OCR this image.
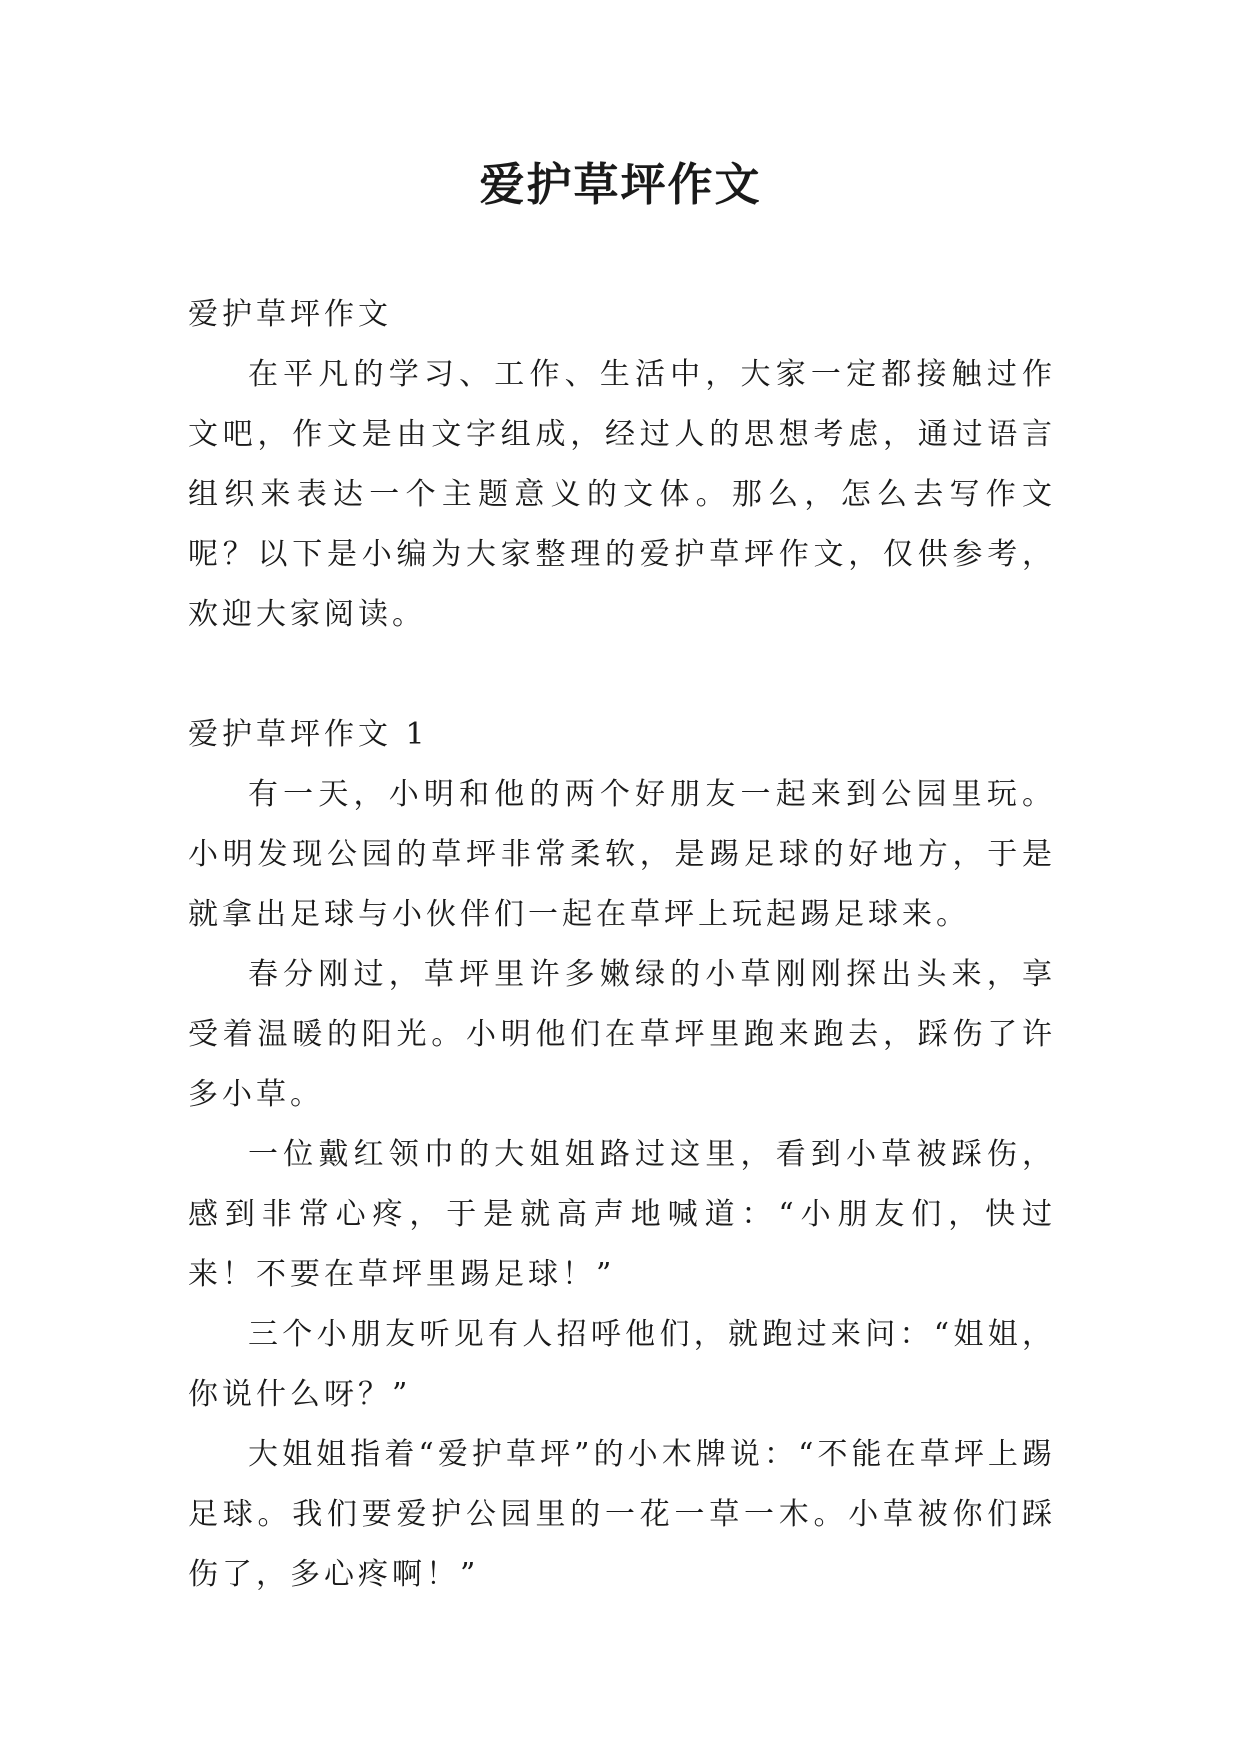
爱护草坪作文

爱护草坪作文

在平凡的学习、工作、生活中，大家一定都接触过作文吧，作文是由文字组成，经过人的思想考虑，通过语言组织来表达一个主题意义的文体。那么，怎么去写作文呢？以下是小编为大家整理的爱护草坪作文，仅供参考，欢迎大家阅读。

爱护草坪作文 1

有一天，小明和他的两个好朋友一起来到公园里玩。小明发现公园的草坪非常柔软，是踢足球的好地方，于是就拿出足球与小伙伴们一起在草坪上玩起踢足球来。

春分刚过，草坪里许多嫩绿的小草刚刚探出头来，享受着温暖的阳光。小明他们在草坪里跑来跑去，踩伤了许多小草。

一位戴红领巾的大姐姐路过这里，看到小草被踩伤，感到非常心疼，于是就高声地喊道：“小朋友们，快过来！不要在草坪里踢足球！”

三个小朋友听见有人招呼他们，就跑过来问：“姐姐，你说什么呀？”

大姐姐指着“爱护草坪”的小木牌说：“不能在草坪上踢足球。我们要爱护公园里的一花一草一木。小草被你们踩伤了，多心疼啊！”
